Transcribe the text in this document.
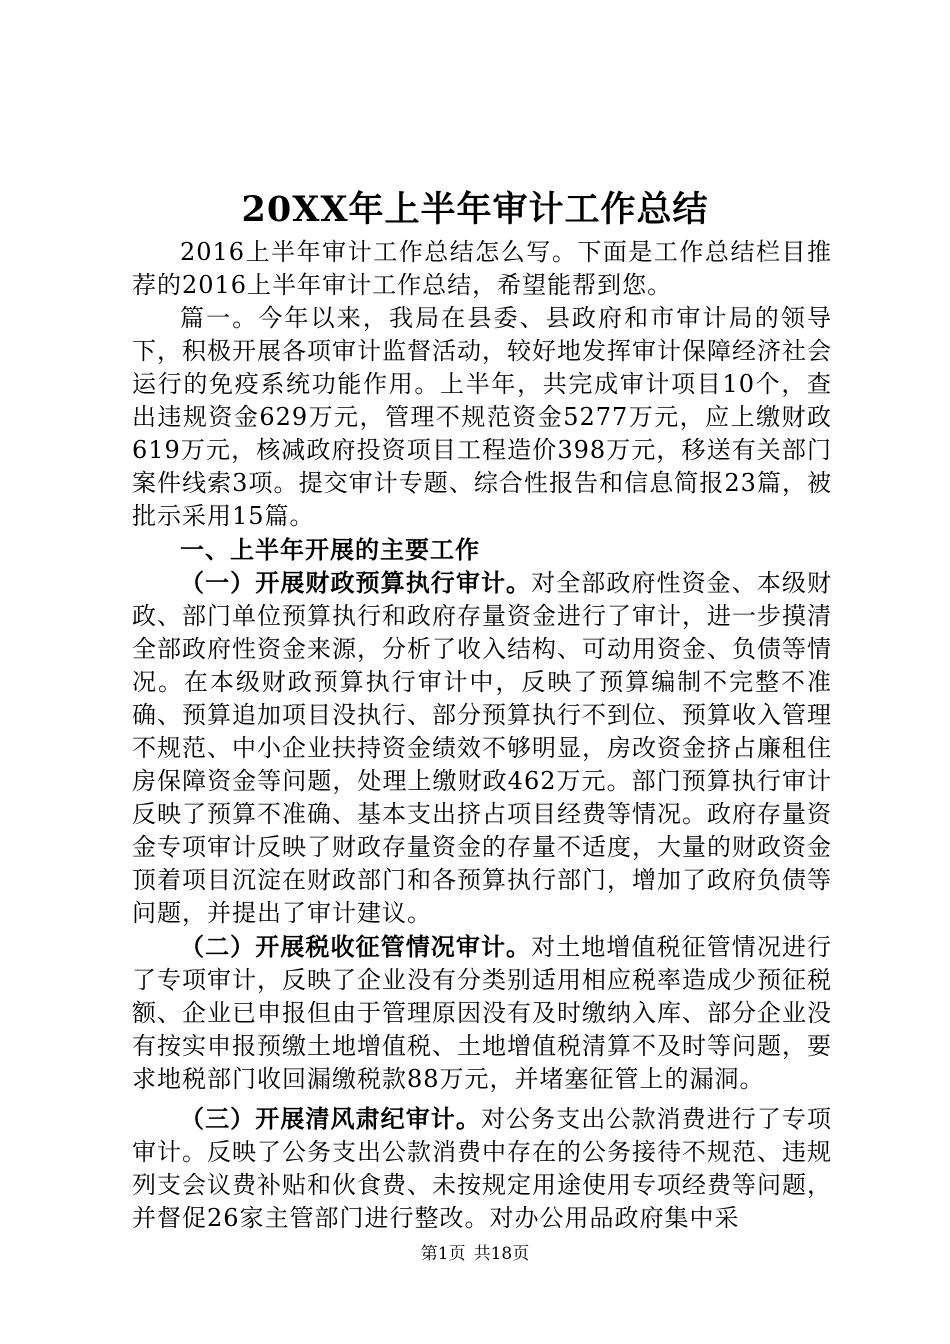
20XX年上半年审计工作总结

2016上半年审计工作总结怎么写。下面是工作总结栏目推荐的2016上半年审计工作总结，希望能帮到您。

篇一。今年以来，我局在县委、县政府和市审计局的领导下，积极开展各项审计监督活动，较好地发挥审计保障经济社会运行的免疫系统功能作用。上半年，共完成审计项目10个，查出违规资金629万元，管理不规范资金5277万元，应上缴财政619万元，核减政府投资项目工程造价398万元，移送有关部门案件线索3项。提交审计专题、综合性报告和信息简报23篇，被批示采用15篇。

一、上半年开展的主要工作

（一）开展财政预算执行审计。对全部政府性资金、本级财政、部门单位预算执行和政府存量资金进行了审计，进一步摸清全部政府性资金来源，分析了收入结构、可动用资金、负债等情况。在本级财政预算执行审计中，反映了预算编制不完整不准确、预算追加项目没执行、部分预算执行不到位、预算收入管理不规范、中小企业扶持资金绩效不够明显，房改资金挤占廉租住房保障资金等问题，处理上缴财政462万元。部门预算执行审计反映了预算不准确、基本支出挤占项目经费等情况。政府存量资金专项审计反映了财政存量资金的存量不适度，大量的财政资金顶着项目沉淀在财政部门和各预算执行部门，增加了政府负债等问题，并提出了审计建议。

（二）开展税收征管情况审计。对土地增值税征管情况进行了专项审计，反映了企业没有分类别适用相应税率造成少预征税额、企业已申报但由于管理原因没有及时缴纳入库、部分企业没有按实申报预缴土地增值税、土地增值税清算不及时等问题，要求地税部门收回漏缴税款88万元，并堵塞征管上的漏洞。

（三）开展清风肃纪审计。对公务支出公款消费进行了专项审计。反映了公务支出公款消费中存在的公务接待不规范、违规列支会议费补贴和伙食费、未按规定用途使用专项经费等问题，并督促26家主管部门进行整改。对办公用品政府集中采

第1页 共18页
